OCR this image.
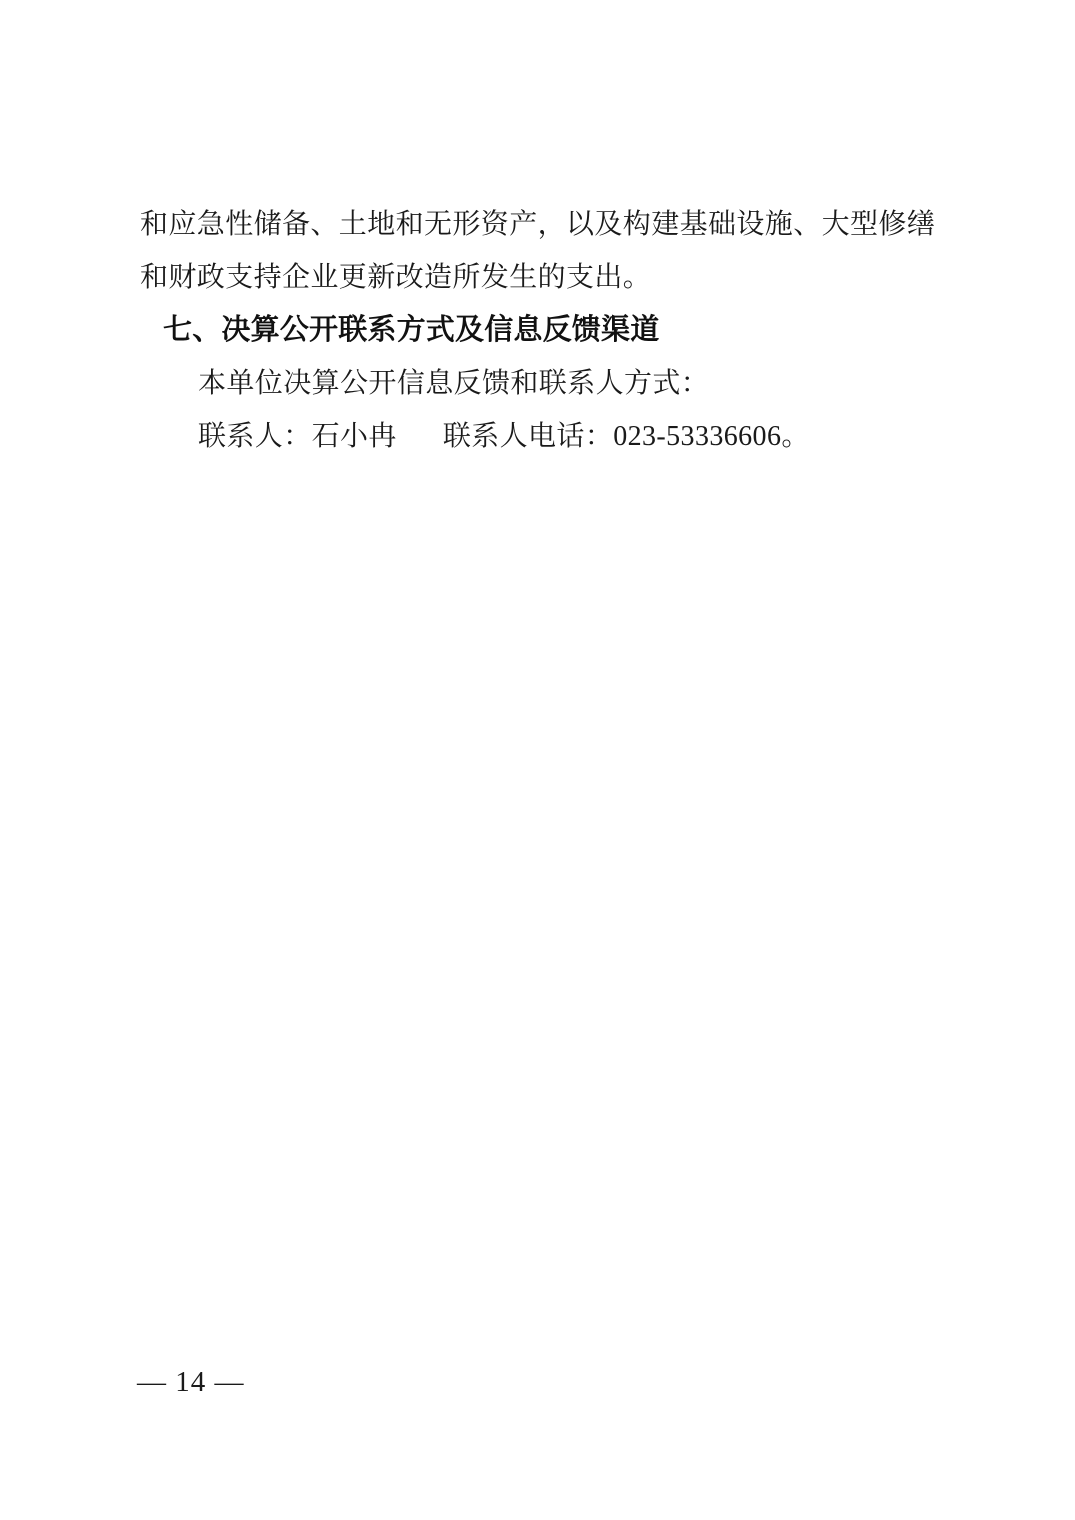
和应急性储备、土地和无形资产，以及构建基础设施、大型修缮

和财政支持企业更新改造所发生的支出。

七、决算公开联系方式及信息反馈渠道

本单位决算公开信息反馈和联系人方式：

联系人：石小冉 联系人电话：023-53336606。

— 14 —
